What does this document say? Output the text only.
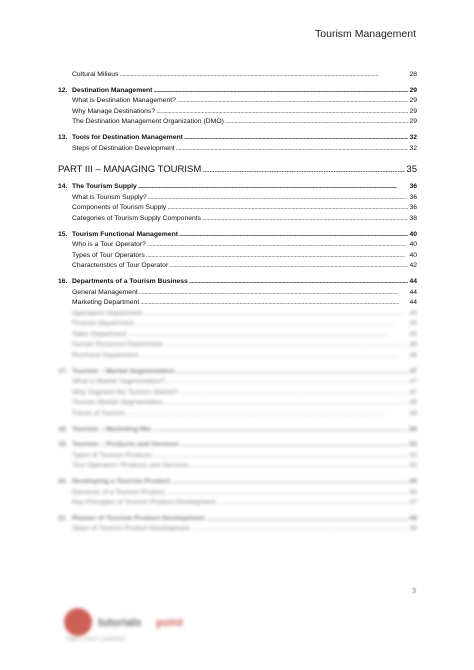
Tourism Management
Cultural Milieus . . .	28
12. Destination Management . . .	29
What is Destination Management? . . .	29
Why Manage Destinations? . . .	29
The Destination Management Organization (DMO) . . .	29
13. Tools for Destination Management . . .	32
Steps of Destination Development . . .	32
PART III – MANAGING TOURISM . . .	35
14. The Tourism Supply . . .	36
What is Tourism Supply? . . .	36
Components of Tourism Supply . . .	36
Categories of Tourism Supply Components . . .	38
15. Tourism Functional Management . . .	40
Who is a Tour Operator? . . .	40
Types of Tour Operators . . .	40
Characteristics of Tour Operator . . .	42
16. Departments of a Tourism Business . . .	44
General Management . . .	44
Marketing Department . . .	44
Operations Department . . .	45
Finance Department . . .	45
Sales Department . . .	45
Human Resource Department . . .	46
Purchase Department . . .	46
17. Tourism – Market Segmentation . . .	47
What is Market Segmentation? . . .	47
Why Segment the Tourism Market? . . .	47
Tourism Market Segmentation . . .	48
Future of Tourism . . .	49
18. Tourism – Marketing Mix . . .	50
19. Tourism – Products and Services . . .	52
Types of Tourism Products . . .	52
Tour Operators' Products and Services . . .	54
20. Developing a Tourism Product . . .	56
Elements of a Tourism Product . . .	56
Key Principles of Tourism Product Development . . .	57
21. Phases of Tourism Product Development . . .	58
Steps of Tourism Product Development . . .	58
3
tutorials point
SIMPLY EASY LEARNING
